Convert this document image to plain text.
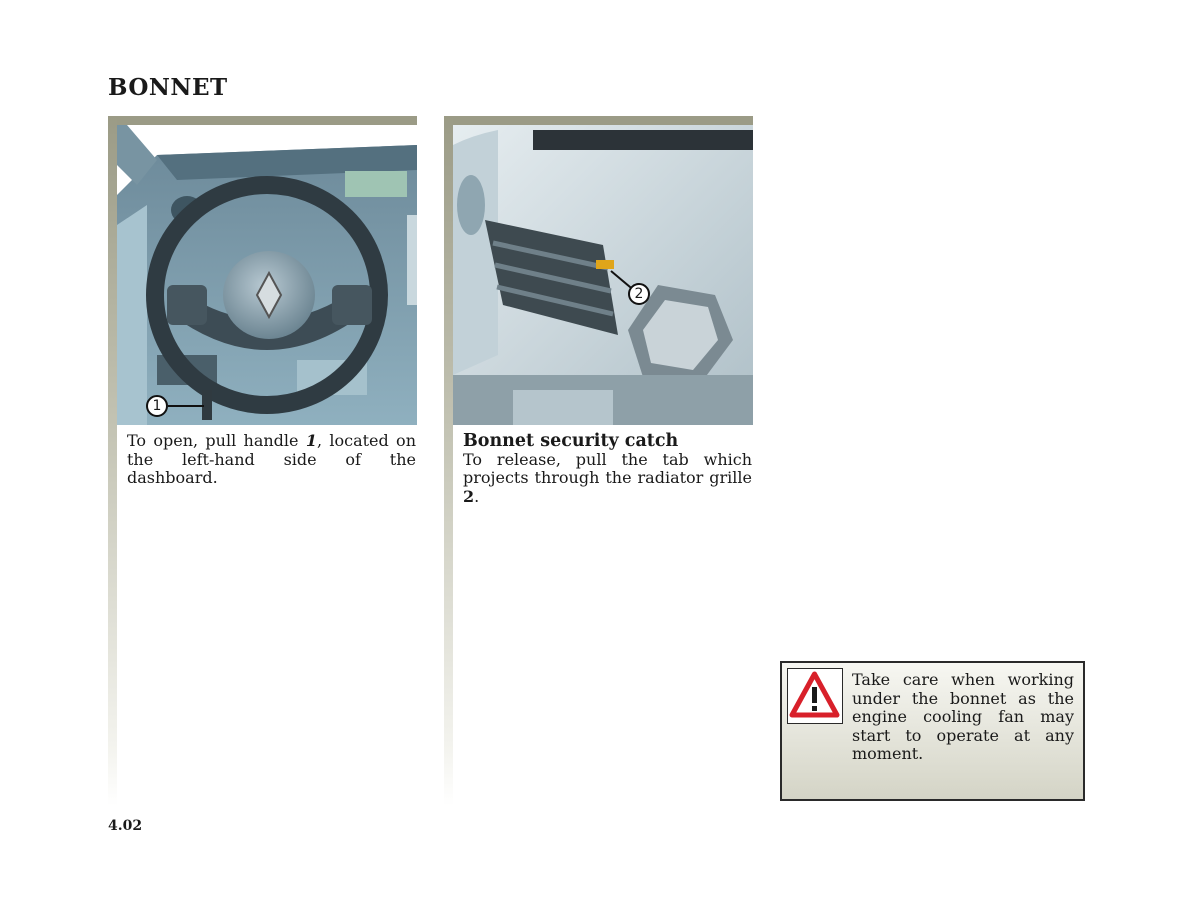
BONNET
1

To open, pull handle 1, located on the left-hand side of the dashboard.

2

Bonnet security catch

To release, pull the tab which projects through the radiator grille 2.

Take care when working under the bonnet as the engine cooling fan may start to operate at any moment.
4.02
